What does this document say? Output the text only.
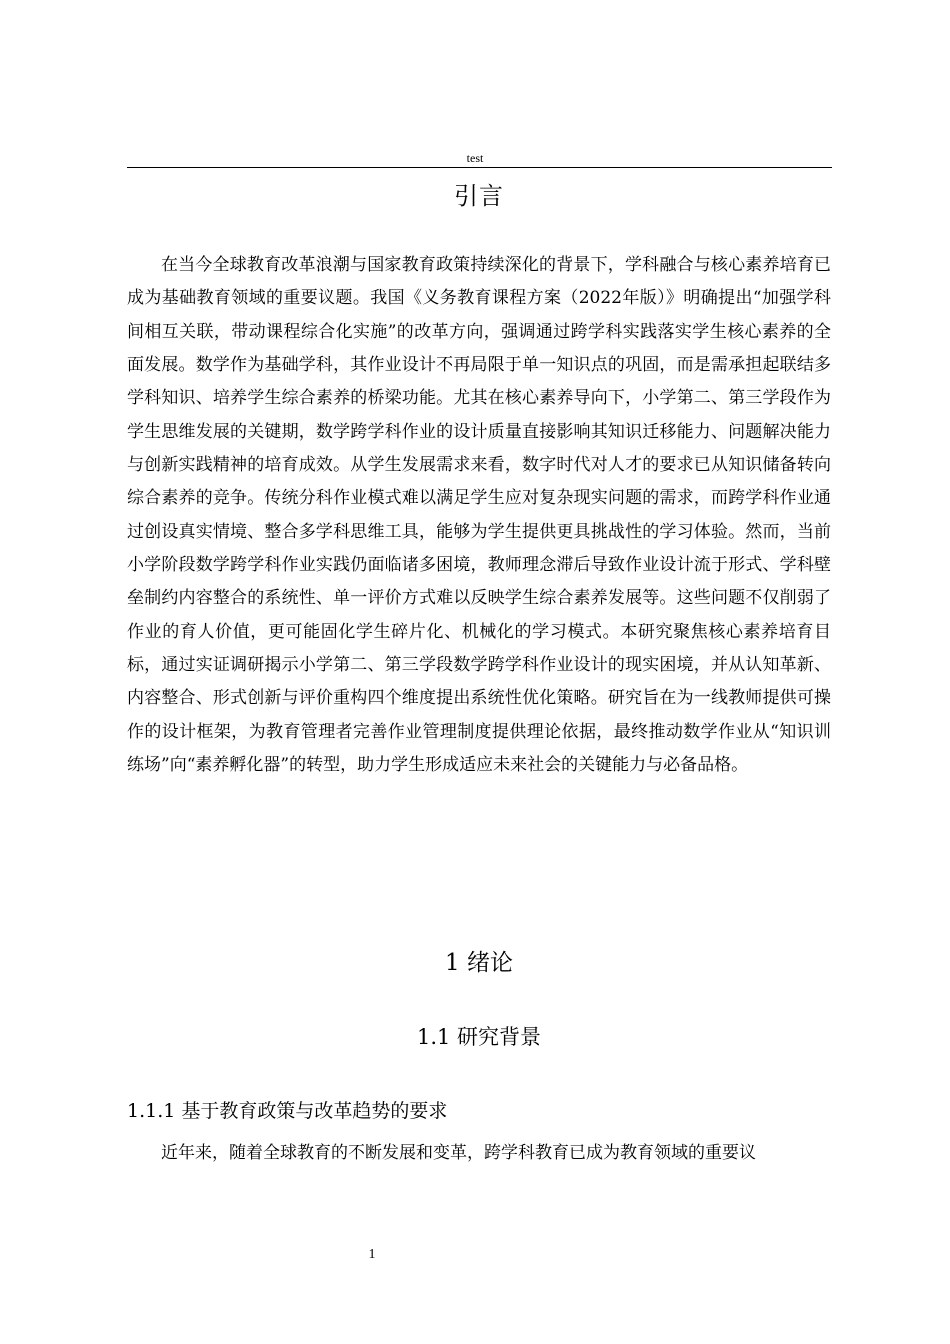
test
引言

在当今全球教育改革浪潮与国家教育政策持续深化的背景下，学科融合与核心素养培育已成为基础教育领域的重要议题。我国《义务教育课程方案（2022年版）》明确提出“加强学科间相互关联，带动课程综合化实施”的改革方向，强调通过跨学科实践落实学生核心素养的全面发展。数学作为基础学科，其作业设计不再局限于单一知识点的巩固，而是需承担起联结多学科知识、培养学生综合素养的桥梁功能。尤其在核心素养导向下，小学第二、第三学段作为学生思维发展的关键期，数学跨学科作业的设计质量直接影响其知识迁移能力、问题解决能力与创新实践精神的培育成效。从学生发展需求来看，数字时代对人才的要求已从知识储备转向综合素养的竞争。传统分科作业模式难以满足学生应对复杂现实问题的需求，而跨学科作业通过创设真实情境、整合多学科思维工具，能够为学生提供更具挑战性的学习体验。然而，当前小学阶段数学跨学科作业实践仍面临诸多困境，教师理念滞后导致作业设计流于形式、学科壁垒制约内容整合的系统性、单一评价方式难以反映学生综合素养发展等。这些问题不仅削弱了作业的育人价值，更可能固化学生碎片化、机械化的学习模式。本研究聚焦核心素养培育目标，通过实证调研揭示小学第二、第三学段数学跨学科作业设计的现实困境，并从认知革新、内容整合、形式创新与评价重构四个维度提出系统性优化策略。研究旨在为一线教师提供可操作的设计框架，为教育管理者完善作业管理制度提供理论依据，最终推动数学作业从“知识训练场”向“素养孵化器”的转型，助力学生形成适应未来社会的关键能力与必备品格。

1 绪论
1.1 研究背景
1.1.1 基于教育政策与改革趋势的要求

近年来，随着全球教育的不断发展和变革，跨学科教育已成为教育领域的重要议

1
